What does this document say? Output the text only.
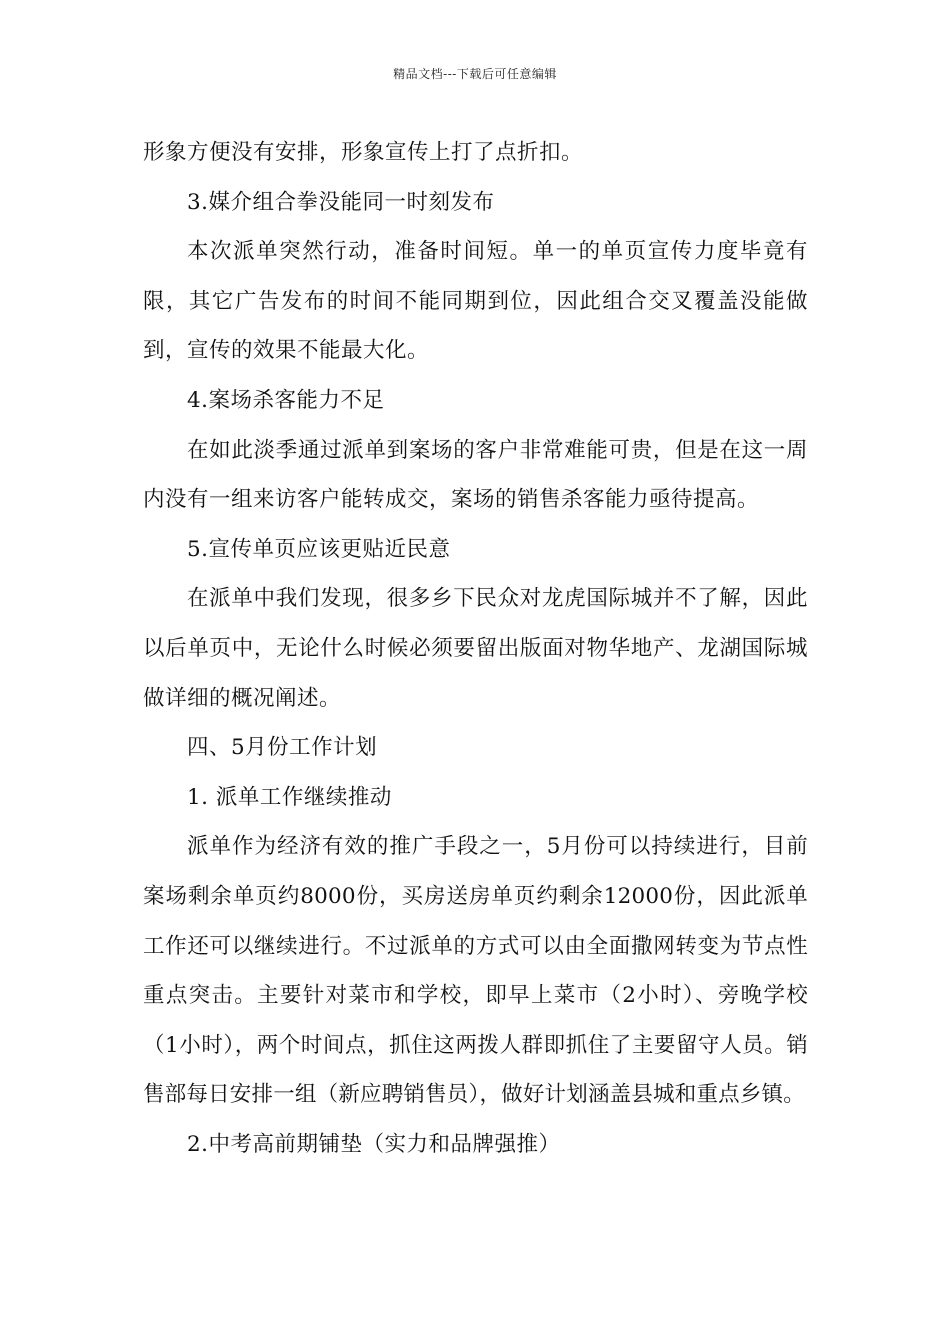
精品文档---下载后可任意编辑

形象方便没有安排，形象宣传上打了点折扣。

3.媒介组合拳没能同一时刻发布

本次派单突然行动，准备时间短。单一的单页宣传力度毕竟有限，其它广告发布的时间不能同期到位，因此组合交叉覆盖没能做到，宣传的效果不能最大化。

4.案场杀客能力不足

在如此淡季通过派单到案场的客户非常难能可贵，但是在这一周内没有一组来访客户能转成交，案场的销售杀客能力亟待提高。

5.宣传单页应该更贴近民意

在派单中我们发现，很多乡下民众对龙虎国际城并不了解，因此以后单页中，无论什么时候必须要留出版面对物华地产、龙湖国际城做详细的概况阐述。

四、5月份工作计划

1. 派单工作继续推动

派单作为经济有效的推广手段之一，5月份可以持续进行，目前案场剩余单页约8000份，买房送房单页约剩余12000份，因此派单工作还可以继续进行。不过派单的方式可以由全面撒网转变为节点性重点突击。主要针对菜市和学校，即早上菜市（2小时）、旁晚学校（1小时），两个时间点，抓住这两拨人群即抓住了主要留守人员。销售部每日安排一组（新应聘销售员），做好计划涵盖县城和重点乡镇。

2.中考高前期铺垫（实力和品牌强推）
